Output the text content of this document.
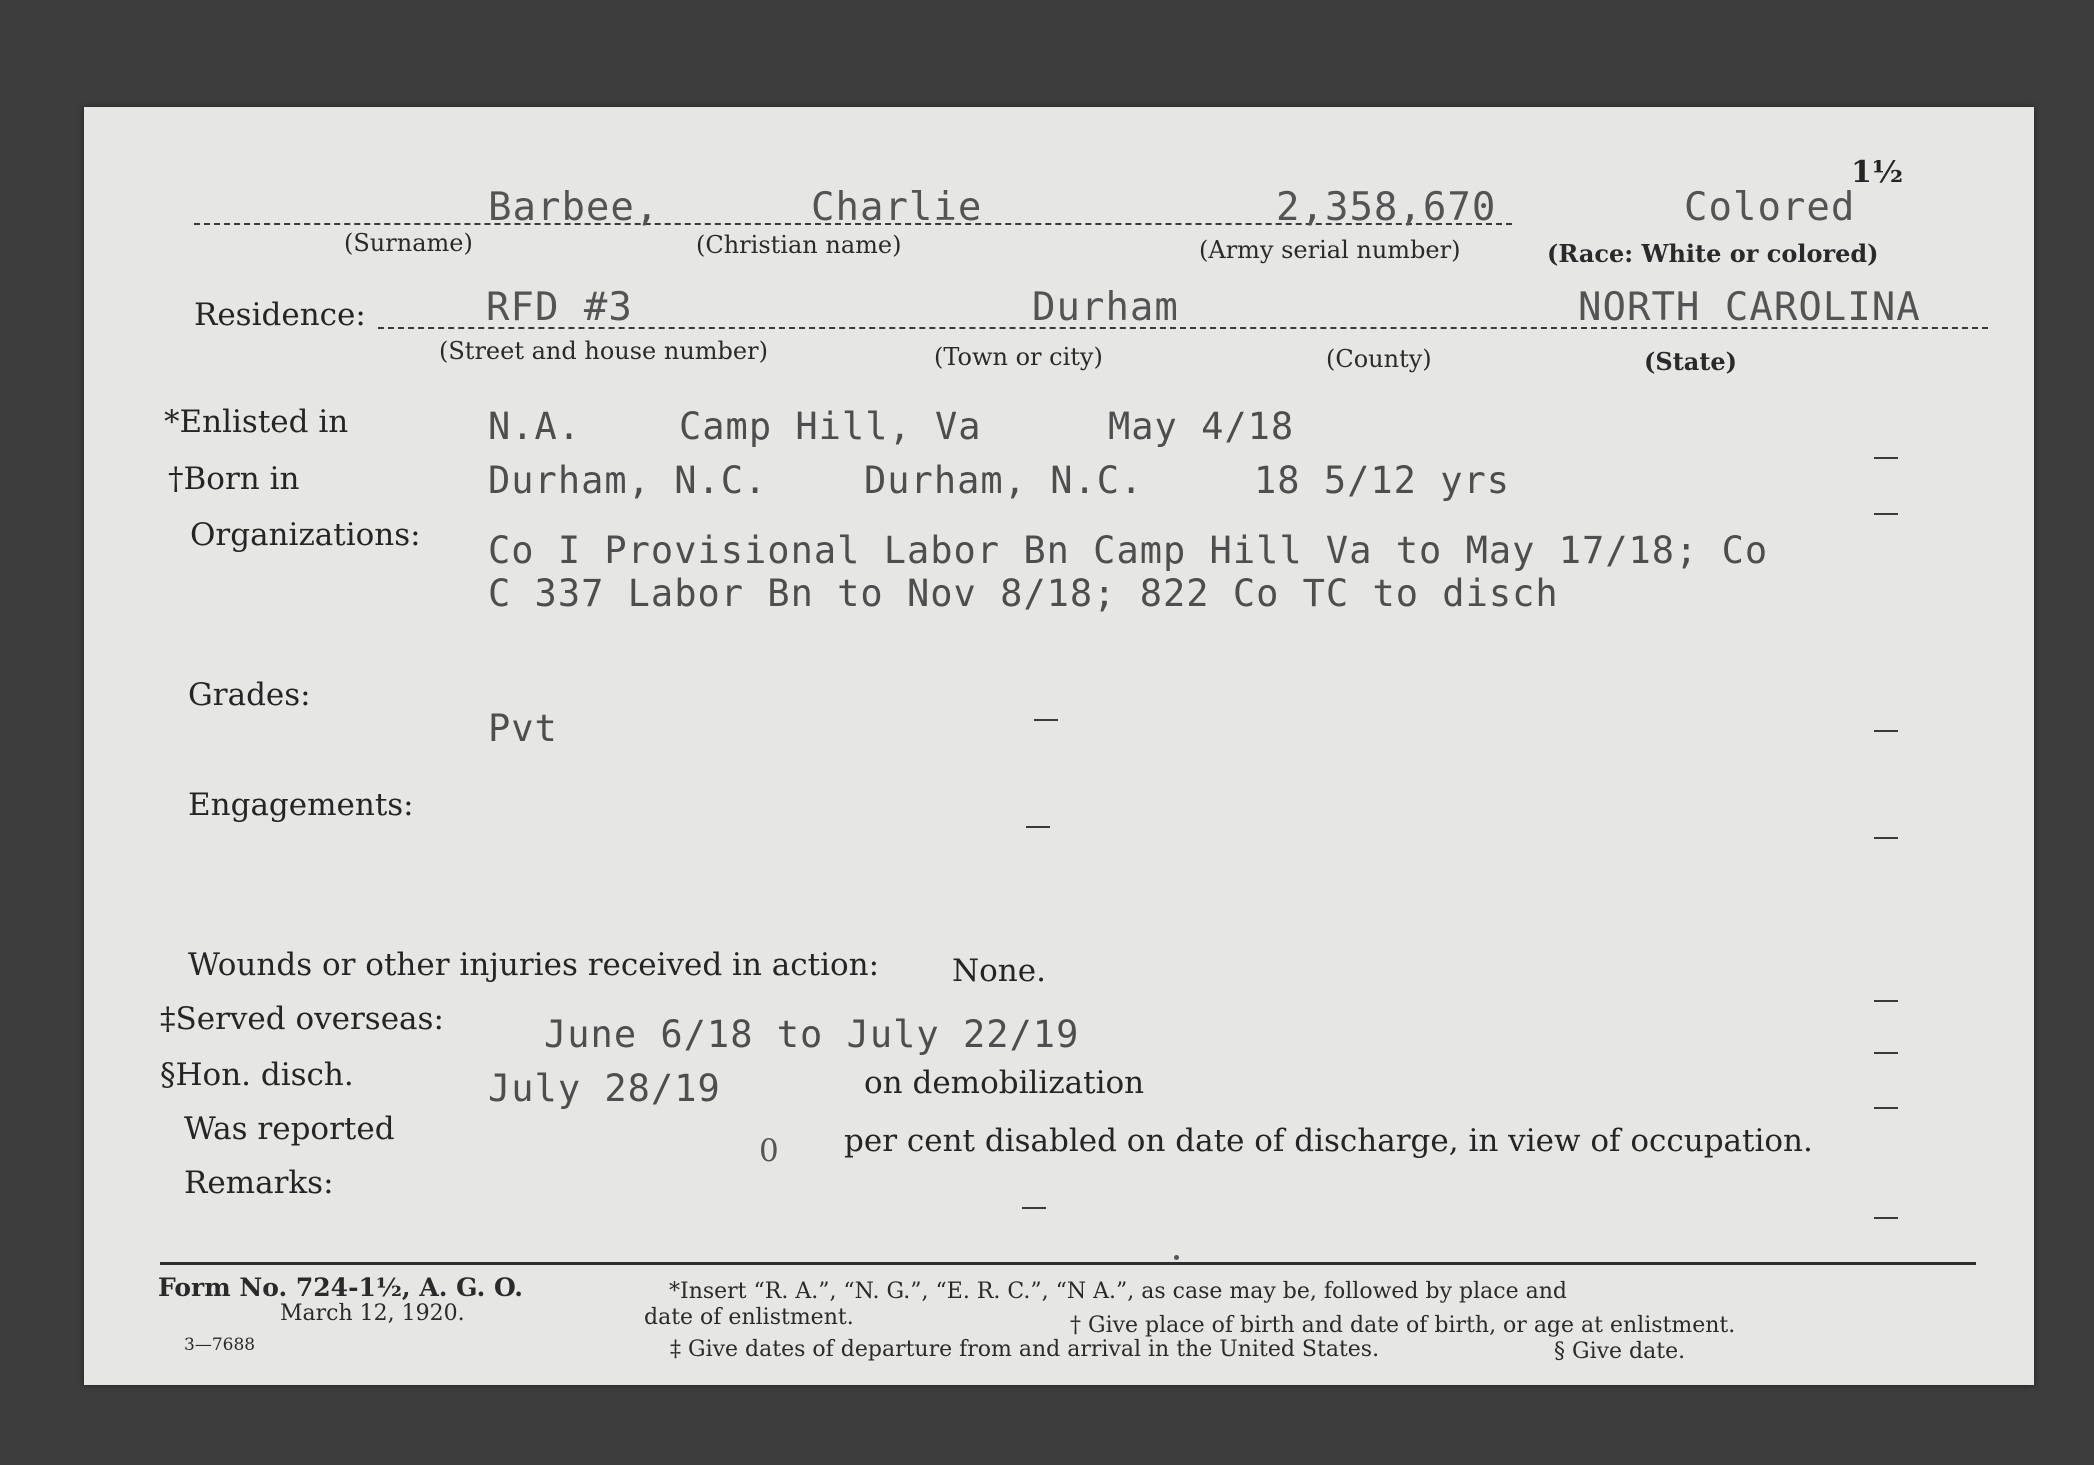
1½
Barbee,	Charlie	2,358,670	Colored
(Surname)	(Christian name)	(Army serial number)	(Race: White or colored)
Residence:	RFD #3	Durham	NORTH CAROLINA
(Street and house number)	(Town or city)	(County)	(State)
*Enlisted in	N.A.	Camp Hill, Va	May 4/18
†Born in	Durham, N.C.	Durham, N.C.	18 5/12 yrs
Organizations: Co I Provisional Labor Bn Camp Hill Va to May 17/18; Co
C 337 Labor Bn to Nov 8/18; 822 Co TC to disch
Grades:
Pvt
Engagements:
Wounds or other injuries received in action: None.
‡Served overseas:	June 6/18 to July 22/19
§Hon. disch.	July 28/19	on demobilization
Was reported
0 per cent disabled on date of discharge, in view of occupation.
Remarks:
Form No. 724-1½, A. G. O.
March 12, 1920.
3—7688
*Insert “R. A.”, “N. G.”, “E. R. C.”, “N A.”, as case may be, followed by place and
date of enlistment.	† Give place of birth and date of birth, or age at enlistment.
‡ Give dates of departure from and arrival in the United States.	§ Give date.
